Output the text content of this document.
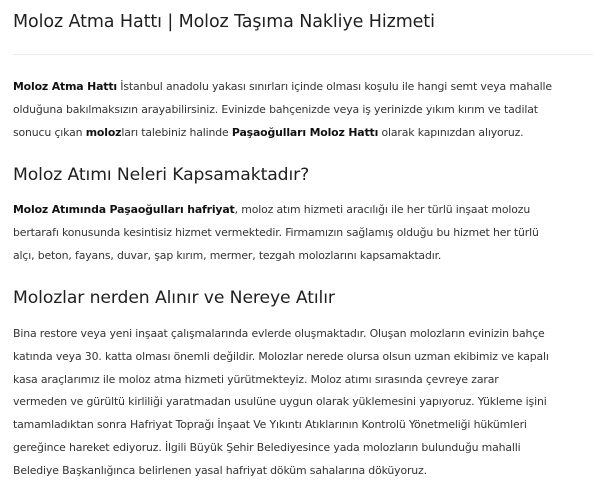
Moloz Atma Hattı | Moloz Taşıma Nakliye Hizmeti

Moloz Atma Hattı İstanbul anadolu yakası sınırları içinde olması koşulu ile hangi semt veya mahalle
olduğuna bakılmaksızın arayabilirsiniz. Evinizde bahçenizde veya iş yerinizde yıkım kırım ve tadilat
sonucu çıkan molozları talebiniz halinde Paşaoğulları Moloz Hattı olarak kapınızdan alıyoruz.

Moloz Atımı Neleri Kapsamaktadır?

Moloz Atımında Paşaoğulları hafriyat, moloz atım hizmeti aracılığı ile her türlü inşaat molozu
bertarafı konusunda kesintisiz hizmet vermektedir. Firmamızın sağlamış olduğu bu hizmet her türlü
alçı, beton, fayans, duvar, şap kırım, mermer, tezgah molozlarını kapsamaktadır.

Molozlar nerden Alınır ve Nereye Atılır

Bina restore veya yeni inşaat çalışmalarında evlerde oluşmaktadır. Oluşan molozların evinizin bahçe
katında veya 30. katta olması önemli değildir. Molozlar nerede olursa olsun uzman ekibimiz ve kapalı
kasa araçlarımız ile moloz atma hizmeti yürütmekteyiz. Moloz atımı sırasında çevreye zarar
vermeden ve gürültü kirliliği yaratmadan usulüne uygun olarak yüklemesini yapıyoruz. Yükleme işini
tamamladıktan sonra Hafriyat Toprağı İnşaat Ve Yıkıntı Atıklarının Kontrolü Yönetmeliği hükümleri
gereğince hareket ediyoruz. İlgili Büyük Şehir Belediyesince yada molozların bulunduğu mahalli
Belediye Başkanlığınca belirlenen yasal hafriyat döküm sahalarına döküyoruz.
